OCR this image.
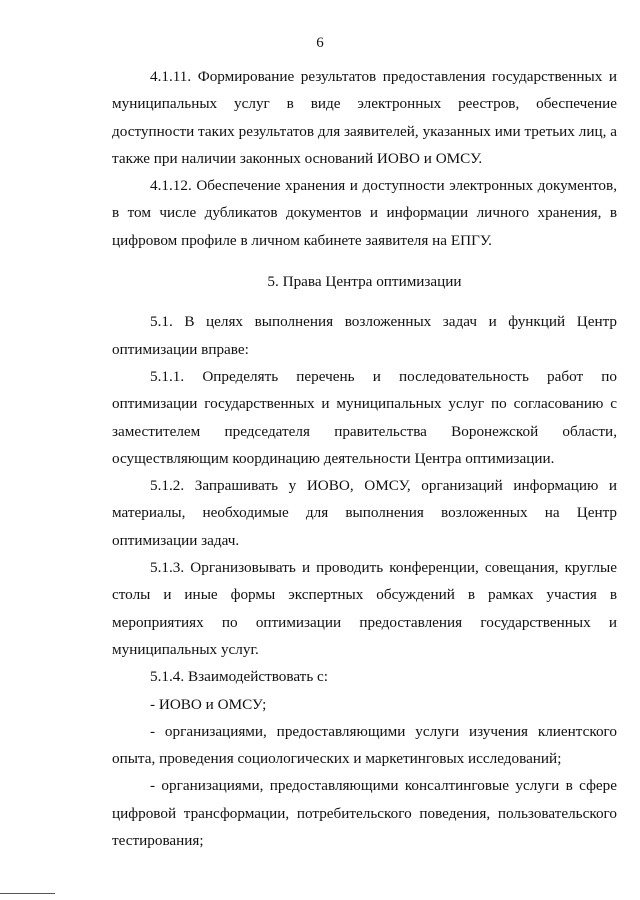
6

4.1.11. Формирование результатов предоставления государственных и муниципальных услуг в виде электронных реестров, обеспечение доступности таких результатов для заявителей, указанных ими третьих лиц, а также при наличии законных оснований ИОВО и ОМСУ.

4.1.12. Обеспечение хранения и доступности электронных документов, в том числе дубликатов документов и информации личного хранения, в цифровом профиле в личном кабинете заявителя на ЕПГУ.

5. Права Центра оптимизации

5.1. В целях выполнения возложенных задач и функций Центр оптимизации вправе:

5.1.1. Определять перечень и последовательность работ по оптимизации государственных и муниципальных услуг по согласованию с заместителем председателя правительства Воронежской области, осуществляющим координацию деятельности Центра оптимизации.

5.1.2. Запрашивать у ИОВО, ОМСУ, организаций информацию и материалы, необходимые для выполнения возложенных на Центр оптимизации задач.

5.1.3. Организовывать и проводить конференции, совещания, круглые столы и иные формы экспертных обсуждений в рамках участия в мероприятиях по оптимизации предоставления государственных и муниципальных услуг.

5.1.4. Взаимодействовать с:

- ИОВО и ОМСУ;

- организациями, предоставляющими услуги изучения клиентского опыта, проведения социологических и маркетинговых исследований;

- организациями, предоставляющими консалтинговые услуги в сфере цифровой трансформации, потребительского поведения, пользовательского тестирования;
